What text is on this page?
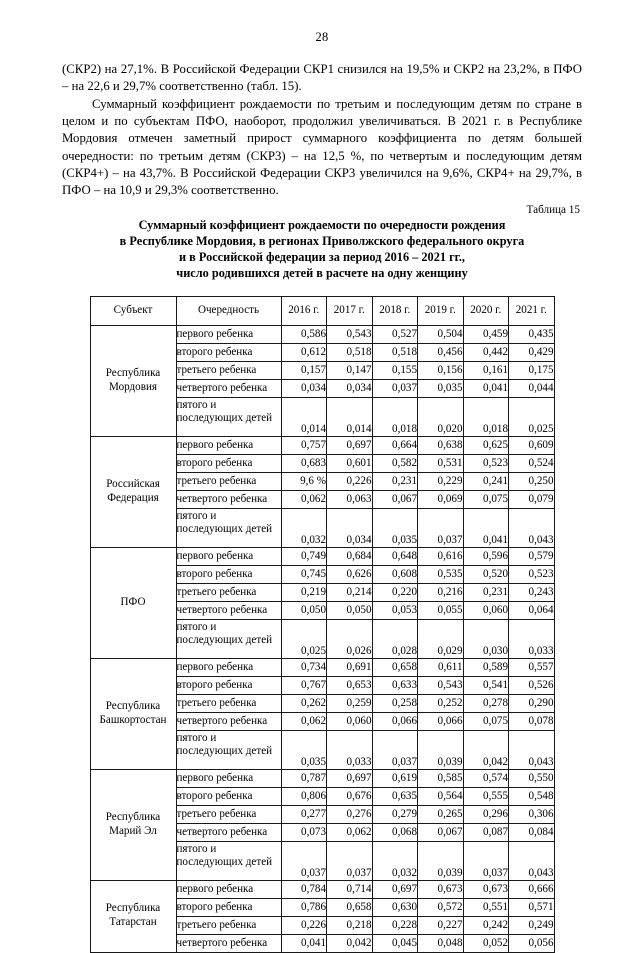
28

(СКР2) на 27,1%. В Российской Федерации СКР1 снизился на 19,5% и СКР2 на 23,2%, в ПФО – на 22,6 и 29,7% соответственно (табл. 15).

Суммарный коэффициент рождаемости по третьим и последующим детям по стране в целом и по субъектам ПФО, наоборот, продолжил увеличиваться. В 2021 г. в Республике Мордовия отмечен заметный прирост суммарного коэффициента по детям большей очередности: по третьим детям (СКР3) – на 12,5 %, по четвертым и последующим детям (СКР4+) – на 43,7%. В Российской Федерации СКР3 увеличился на 9,6%, СКР4+ на 29,7%, в ПФО – на 10,9 и 29,3% соответственно.

Таблица 15
Суммарный коэффициент рождаемости по очередности рождения
в Республике Мордовия, в регионах Приволжского федерального округа
и в Российской федерации за период 2016 – 2021 гг.,
число родившихся детей в расчете на одну женщину
Субъект	Очередность	2016 г.	2017 г.	2018 г.	2019 г.	2020 г.	2021 г.

Республика
Мордовия	первого ребенка	0,586	0,543	0,527	0,504	0,459	0,435
	второго ребенка	0,612	0,518	0,518	0,456	0,442	0,429
	третьего ребенка	0,157	0,147	0,155	0,156	0,161	0,175
	четвертого ребенка	0,034	0,034	0,037	0,035	0,041	0,044

	пятого и
последующих детей	0,014	0,014	0,018	0,020	0,018	0,025

Российская
Федерация	первого ребенка	0,757	0,697	0,664	0,638	0,625	0,609
	второго ребенка	0,683	0,601	0,582	0,531	0,523	0,524
	третьего ребенка	9,6 %	0,226	0,231	0,229	0,241	0,250
	четвертого ребенка	0,062	0,063	0,067	0,069	0,075	0,079

	пятого и
последующих детей	0,032	0,034	0,035	0,037	0,041	0,043

ПФО	первого ребенка	0,749	0,684	0,648	0,616	0,596	0,579
	второго ребенка	0,745	0,626	0,608	0,535	0,520	0,523
	третьего ребенка	0,219	0,214	0,220	0,216	0,231	0,243
	четвертого ребенка	0,050	0,050	0,053	0,055	0,060	0,064

	пятого и
последующих детей	0,025	0,026	0,028	0,029	0,030	0,033

Республика
Башкортостан	первого ребенка	0,734	0,691	0,658	0,611	0,589	0,557
	второго ребенка	0,767	0,653	0,633	0,543	0,541	0,526
	третьего ребенка	0,262	0,259	0,258	0,252	0,278	0,290
	четвертого ребенка	0,062	0,060	0,066	0,066	0,075	0,078

	пятого и
последующих детей	0,035	0,033	0,037	0,039	0,042	0,043

Республика
Марий Эл	первого ребенка	0,787	0,697	0,619	0,585	0,574	0,550
	второго ребенка	0,806	0,676	0,635	0,564	0,555	0,548
	третьего ребенка	0,277	0,276	0,279	0,265	0,296	0,306
	четвертого ребенка	0,073	0,062	0,068	0,067	0,087	0,084

	пятого и
последующих детей	0,037	0,037	0,032	0,039	0,037	0,043

Республика
Татарстан	первого ребенка	0,784	0,714	0,697	0,673	0,673	0,666
	второго ребенка	0,786	0,658	0,630	0,572	0,551	0,571
	третьего ребенка	0,226	0,218	0,228	0,227	0,242	0,249
	четвертого ребенка	0,041	0,042	0,045	0,048	0,052	0,056
